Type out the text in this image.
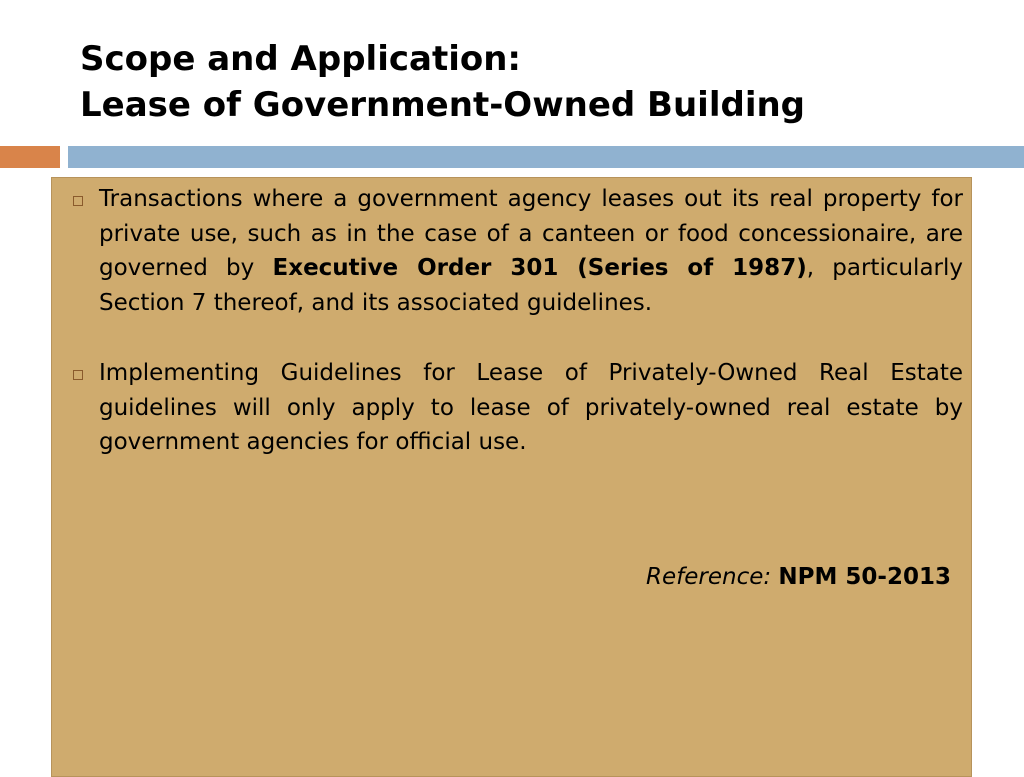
Scope and Application:
Lease of Government-Owned Building

Transactions where a government agency leases out its real property for private use, such as in the case of a canteen or food concessionaire, are governed by Executive Order 301 (Series of 1987), particularly Section 7 thereof, and its associated guidelines.

Implementing Guidelines for Lease of Privately-Owned Real Estate guidelines will only apply to lease of privately-owned real estate by government agencies for official use.

Reference: NPM 50-2013
